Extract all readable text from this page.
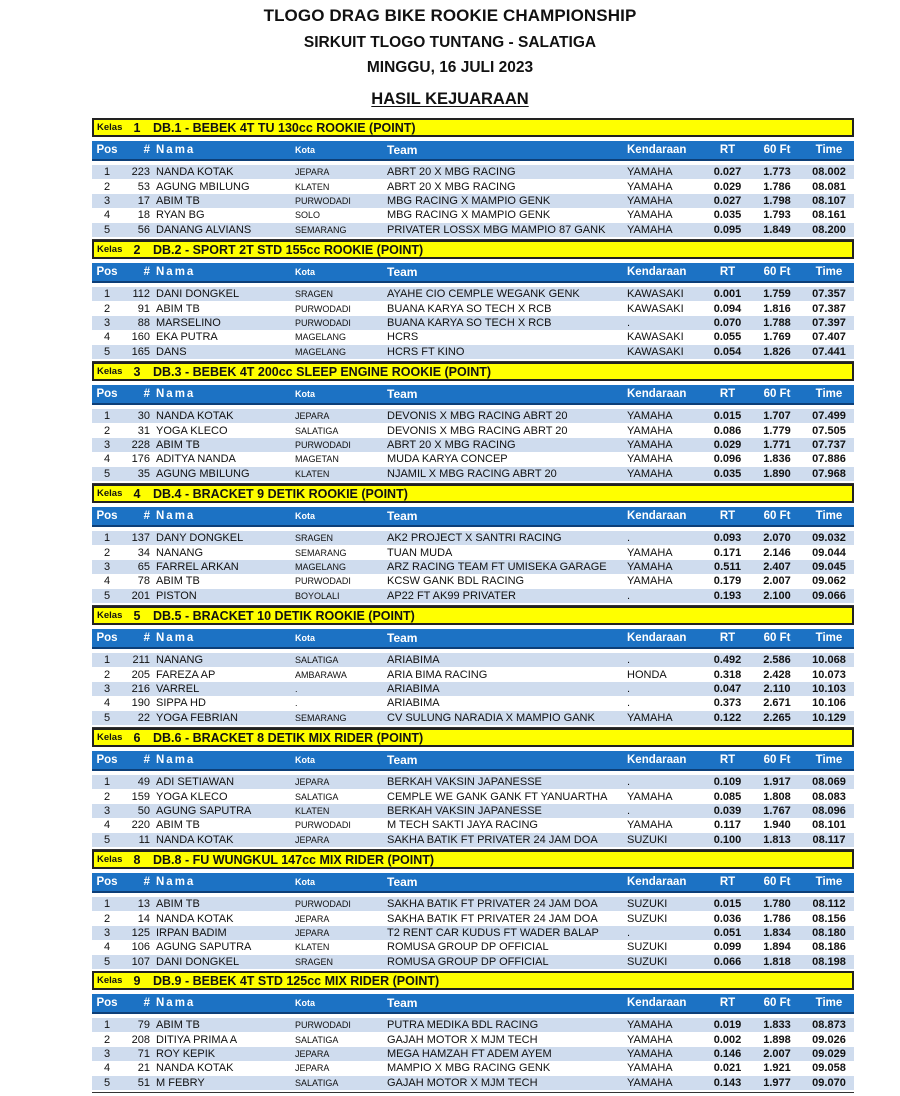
TLOGO DRAG BIKE ROOKIE CHAMPIONSHIP
SIRKUIT TLOGO TUNTANG - SALATIGA
MINGGU, 16 JULI 2023
HASIL KEJUARAAN
Kelas 1	DB.1 - BEBEK 4T TU 130cc ROOKIE (POINT)
Pos	# Nama	Kota	Team	Kendaraan	RT	60 Ft	Time
1	223 NANDA KOTAK	JEPARA	ABRT 20 X MBG RACING	YAMAHA	0.027	1.773	08.002
2	53 AGUNG MBILUNG	KLATEN	ABRT 20 X MBG RACING	YAMAHA	0.029	1.786	08.081
3	17 ABIM TB	PURWODADI	MBG RACING X MAMPIO GENK	YAMAHA	0.027	1.798	08.107
4	18 RYAN BG	SOLO	MBG RACING X MAMPIO GENK	YAMAHA	0.035	1.793	08.161
5	56 DANANG ALVIANS	SEMARANG	PRIVATER LOSSX MBG MAMPIO 87 GANK	YAMAHA	0.095	1.849	08.200
Kelas 2	DB.2 - SPORT 2T STD 155cc ROOKIE (POINT)
Pos	# Nama	Kota	Team	Kendaraan	RT	60 Ft	Time
1	112 DANI DONGKEL	SRAGEN	AYAHE CIO CEMPLE WEGANK GENK	KAWASAKI	0.001	1.759	07.357
2	91 ABIM TB	PURWODADI	BUANA KARYA SO TECH X RCB	KAWASAKI	0.094	1.816	07.387
3	88 MARSELINO	PURWODADI	BUANA KARYA SO TECH X RCB	.	0.070	1.788	07.397
4	160 EKA PUTRA	MAGELANG	HCRS	KAWASAKI	0.055	1.769	07.407
5	165 DANS	MAGELANG	HCRS FT KINO	KAWASAKI	0.054	1.826	07.441
Kelas 3	DB.3 - BEBEK 4T 200cc SLEEP ENGINE ROOKIE (POINT)
Pos	# Nama	Kota	Team	Kendaraan	RT	60 Ft	Time
1	30 NANDA KOTAK	JEPARA	DEVONIS X MBG RACING ABRT 20	YAMAHA	0.015	1.707	07.499
2	31 YOGA KLECO	SALATIGA	DEVONIS X MBG RACING ABRT 20	YAMAHA	0.086	1.779	07.505
3	228 ABIM TB	PURWODADI	ABRT 20 X MBG RACING	YAMAHA	0.029	1.771	07.737
4	176 ADITYA NANDA	MAGETAN	MUDA KARYA CONCEP	YAMAHA	0.096	1.836	07.886
5	35 AGUNG MBILUNG	KLATEN	NJAMIL X MBG RACING ABRT 20	YAMAHA	0.035	1.890	07.968
Kelas 4	DB.4 - BRACKET 9 DETIK ROOKIE (POINT)
Pos	# Nama	Kota	Team	Kendaraan	RT	60 Ft	Time
1	137 DANY DONGKEL	SRAGEN	AK2 PROJECT X SANTRI RACING	.	0.093	2.070	09.032
2	34 NANANG	SEMARANG	TUAN MUDA	YAMAHA	0.171	2.146	09.044
3	65 FARREL ARKAN	MAGELANG	ARZ RACING TEAM FT UMISEKA GARAGE	YAMAHA	0.511	2.407	09.045
4	78 ABIM TB	PURWODADI	KCSW GANK BDL RACING	YAMAHA	0.179	2.007	09.062
5	201 PISTON	BOYOLALI	AP22 FT AK99 PRIVATER	.	0.193	2.100	09.066
Kelas 5	DB.5 - BRACKET 10 DETIK ROOKIE (POINT)
Pos	# Nama	Kota	Team	Kendaraan	RT	60 Ft	Time
1	211 NANANG	SALATIGA	ARIABIMA	.	0.492	2.586	10.068
2	205 FAREZA AP	AMBARAWA	ARIA BIMA RACING	HONDA	0.318	2.428	10.073
3	216 VARREL	.	ARIABIMA	.	0.047	2.110	10.103
4	190 SIPPA HD	.	ARIABIMA	.	0.373	2.671	10.106
5	22 YOGA FEBRIAN	SEMARANG	CV SULUNG NARADIA X MAMPIO GANK	YAMAHA	0.122	2.265	10.129
Kelas 6	DB.6 - BRACKET 8 DETIK MIX RIDER (POINT)
Pos	# Nama	Kota	Team	Kendaraan	RT	60 Ft	Time
1	49 ADI SETIAWAN	JEPARA	BERKAH VAKSIN JAPANESSE	.	0.109	1.917	08.069
2	159 YOGA KLECO	SALATIGA	CEMPLE WE GANK GANK FT YANUARTHA	YAMAHA	0.085	1.808	08.083
3	50 AGUNG SAPUTRA	KLATEN	BERKAH VAKSIN JAPANESSE	.	0.039	1.767	08.096
4	220 ABIM TB	PURWODADI	M TECH SAKTI JAYA RACING	YAMAHA	0.117	1.940	08.101
5	11 NANDA KOTAK	JEPARA	SAKHA BATIK FT PRIVATER 24 JAM DOA	SUZUKI	0.100	1.813	08.117
Kelas 8	DB.8 - FU WUNGKUL 147cc MIX RIDER (POINT)
Pos	# Nama	Kota	Team	Kendaraan	RT	60 Ft	Time
1	13 ABIM TB	PURWODADI	SAKHA BATIK FT PRIVATER 24 JAM DOA	SUZUKI	0.015	1.780	08.112
2	14 NANDA KOTAK	JEPARA	SAKHA BATIK FT PRIVATER 24 JAM DOA	SUZUKI	0.036	1.786	08.156
3	125 IRPAN BADIM	JEPARA	T2 RENT CAR KUDUS FT WADER BALAP	.	0.051	1.834	08.180
4	106 AGUNG SAPUTRA	KLATEN	ROMUSA GROUP DP OFFICIAL	SUZUKI	0.099	1.894	08.186
5	107 DANI DONGKEL	SRAGEN	ROMUSA GROUP DP OFFICIAL	SUZUKI	0.066	1.818	08.198
Kelas 9	DB.9 - BEBEK 4T STD 125cc MIX RIDER (POINT)
Pos	# Nama	Kota	Team	Kendaraan	RT	60 Ft	Time
1	79 ABIM TB	PURWODADI	PUTRA MEDIKA BDL RACING	YAMAHA	0.019	1.833	08.873
2	208 DITIYA PRIMA A	SALATIGA	GAJAH MOTOR X MJM TECH	YAMAHA	0.002	1.898	09.026
3	71 ROY KEPIK	JEPARA	MEGA HAMZAH FT ADEM AYEM	YAMAHA	0.146	2.007	09.029
4	21 NANDA KOTAK	JEPARA	MAMPIO X MBG RACING GENK	YAMAHA	0.021	1.921	09.058
5	51 M FEBRY	SALATIGA	GAJAH MOTOR X MJM TECH	YAMAHA	0.143	1.977	09.070
